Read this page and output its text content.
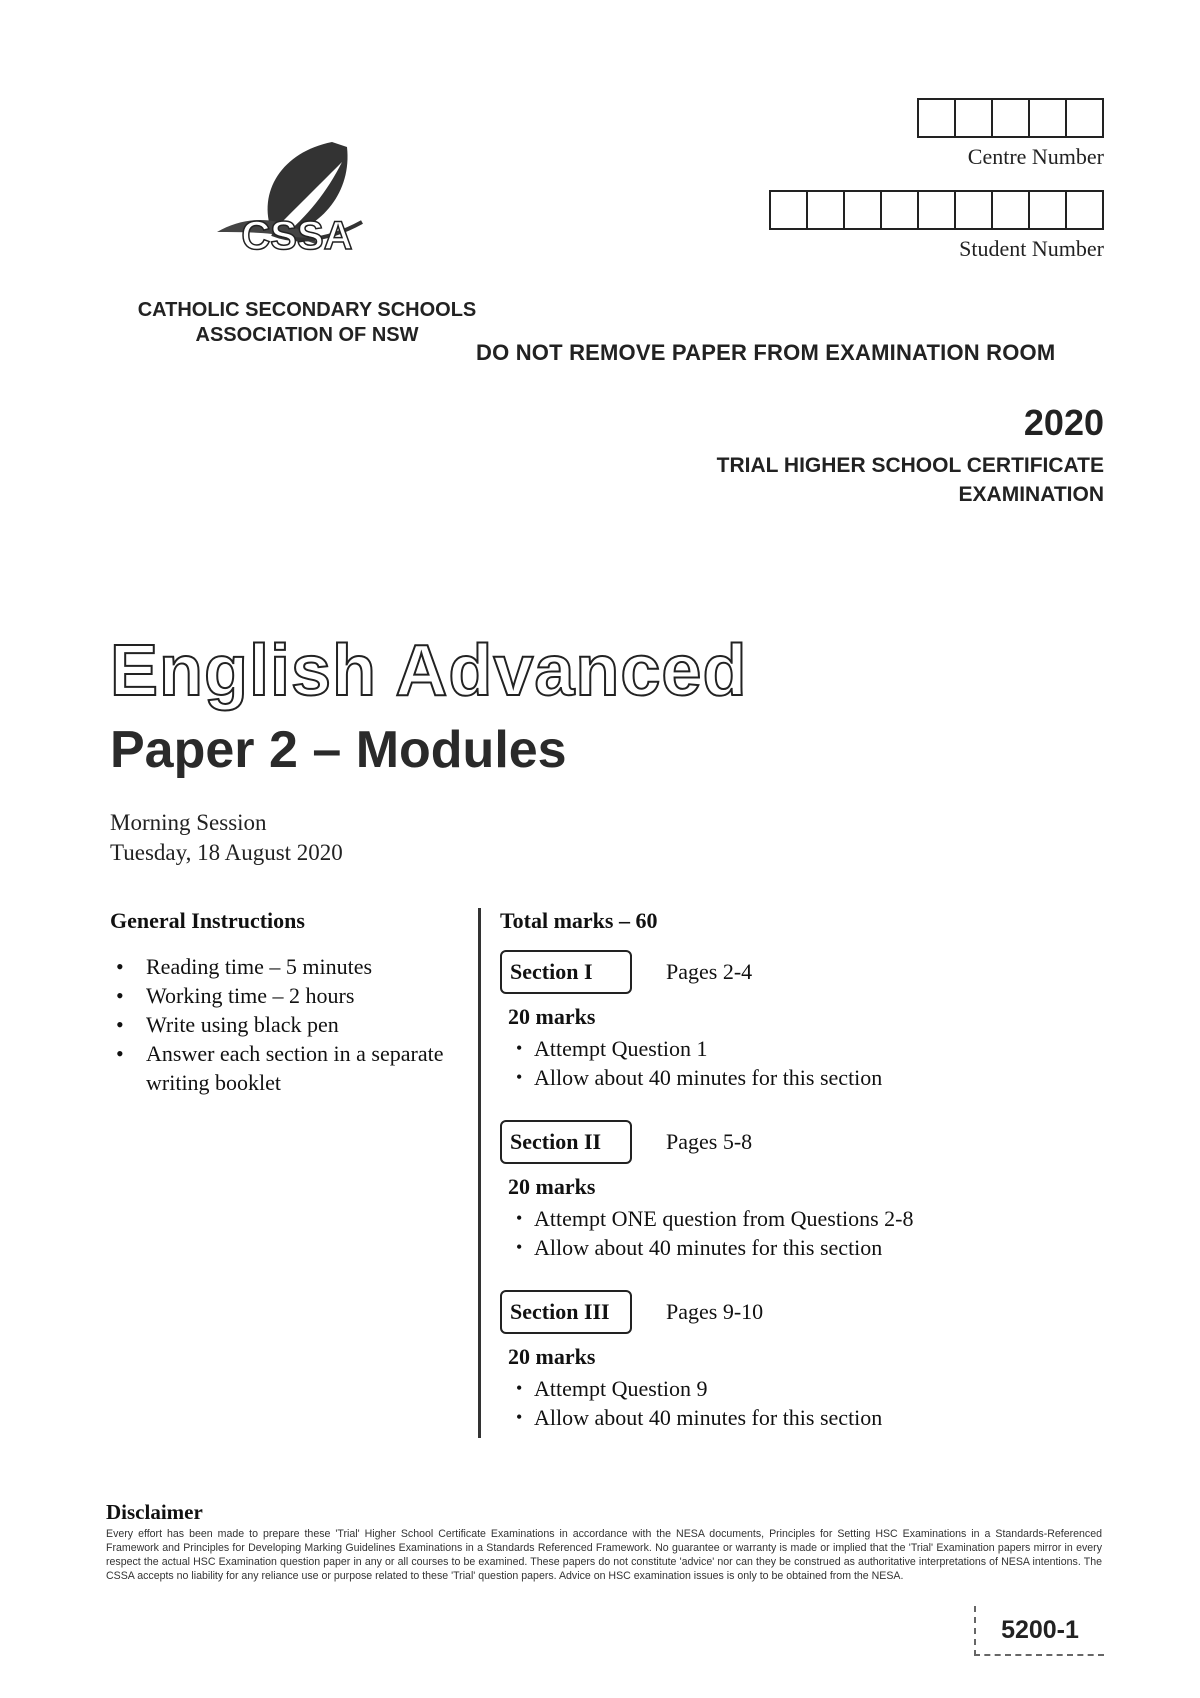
CSSA
CATHOLIC SECONDARY SCHOOLS
ASSOCIATION OF NSW
Centre Number
Student Number
DO NOT REMOVE PAPER FROM EXAMINATION ROOM
2020
TRIAL HIGHER SCHOOL CERTIFICATE
EXAMINATION
English Advanced
Paper 2 – Modules
Morning Session
Tuesday, 18 August 2020
General Instructions
• Reading time – 5 minutes
• Working time – 2 hours
• Write using black pen
• Answer each section in a separate writing booklet
Total marks – 60
Section I	Pages 2-4
20 marks
• Attempt Question 1
• Allow about 40 minutes for this section
Section II	Pages 5-8
20 marks
• Attempt ONE question from Questions 2-8
• Allow about 40 minutes for this section
Section III	Pages 9-10
20 marks
• Attempt Question 9
• Allow about 40 minutes for this section
Disclaimer

Every effort has been made to prepare these 'Trial' Higher School Certificate Examinations in accordance with the NESA documents, Principles for Setting HSC Examinations in a Standards-Referenced Framework and Principles for Developing Marking Guidelines Examinations in a Standards Referenced Framework. No guarantee or warranty is made or implied that the 'Trial' Examination papers mirror in every respect the actual HSC Examination question paper in any or all courses to be examined. These papers do not constitute 'advice' nor can they be construed as authoritative interpretations of NESA intentions. The CSSA accepts no liability for any reliance use or purpose related to these 'Trial' question papers. Advice on HSC examination issues is only to be obtained from the NESA.

5200-1
